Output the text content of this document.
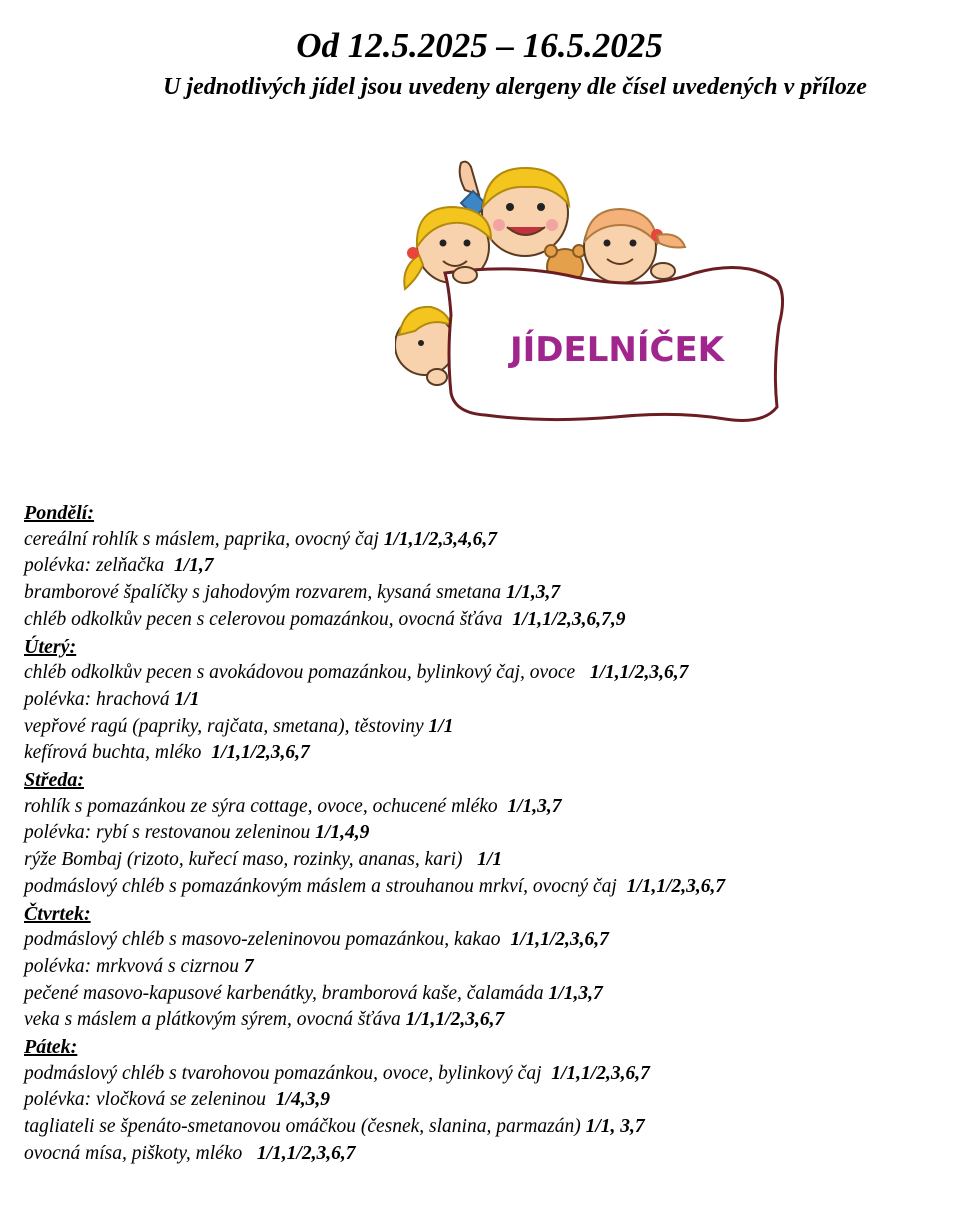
Od 12.5.2025 – 16.5.2025
U jednotlivých jídel jsou uvedeny alergeny dle čísel uvedených v příloze
JÍDELNÍČEK
Pondělí:
cereální rohlík s máslem, paprika, ovocný čaj 1/1,1/2,3,4,6,7
polévka: zelňačka  1/1,7
bramborové špalíčky s jahodovým rozvarem, kysaná smetana 1/1,3,7
chléb odkolkův pecen s celerovou pomazánkou, ovocná šťáva  1/1,1/2,3,6,7,9
Úterý:
chléb odkolkův pecen s avokádovou pomazánkou, bylinkový čaj, ovoce   1/1,1/2,3,6,7
polévka: hrachová 1/1
vepřové ragú (papriky, rajčata, smetana), těstoviny 1/1
kefírová buchta, mléko  1/1,1/2,3,6,7
Středa:
rohlík s pomazánkou ze sýra cottage, ovoce, ochucené mléko  1/1,3,7
polévka: rybí s restovanou zeleninou 1/1,4,9
rýže Bombaj (rizoto, kuřecí maso, rozinky, ananas, kari)   1/1
podmáslový chléb s pomazánkovým máslem a strouhanou mrkví, ovocný čaj  1/1,1/2,3,6,7
Čtvrtek:
podmáslový chléb s masovo-zeleninovou pomazánkou, kakao  1/1,1/2,3,6,7
polévka: mrkvová s cizrnou 7
pečené masovo-kapusové karbenátky, bramborová kaše, čalamáda 1/1,3,7
veka s máslem a plátkovým sýrem, ovocná šťáva 1/1,1/2,3,6,7
Pátek:
podmáslový chléb s tvarohovou pomazánkou, ovoce, bylinkový čaj  1/1,1/2,3,6,7
polévka: vločková se zeleninou  1/4,3,9
tagliateli se špenáto-smetanovou omáčkou (česnek, slanina, parmazán) 1/1, 3,7
ovocná mísa, piškoty, mléko   1/1,1/2,3,6,7
